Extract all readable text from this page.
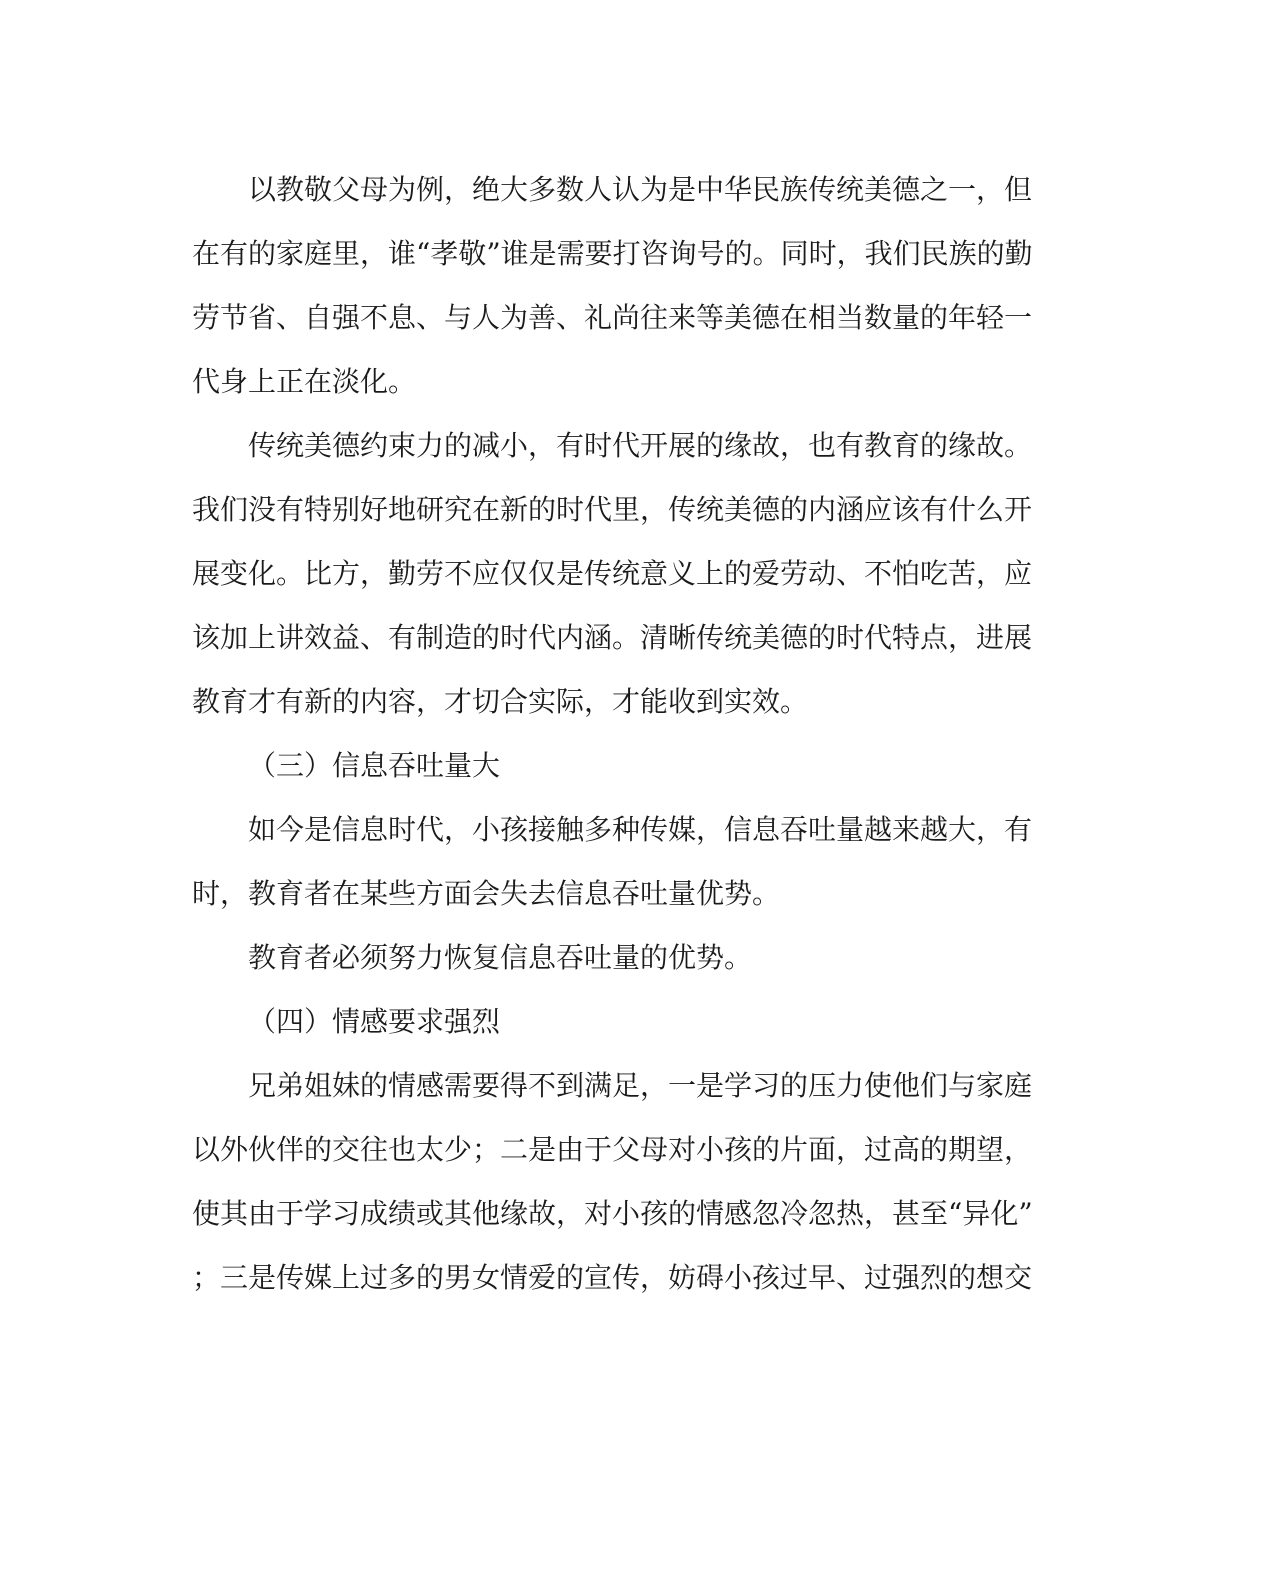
以教敬父母为例，绝大多数人认为是中华民族传统美德之一，但
在有的家庭里，谁“孝敬”谁是需要打咨询号的。同时，我们民族的勤
劳节省、自强不息、与人为善、礼尚往来等美德在相当数量的年轻一
代身上正在淡化。
传统美德约束力的减小，有时代开展的缘故，也有教育的缘故。
我们没有特别好地研究在新的时代里，传统美德的内涵应该有什么开
展变化。比方，勤劳不应仅仅是传统意义上的爱劳动、不怕吃苦，应
该加上讲效益、有制造的时代内涵。清晰传统美德的时代特点，进展
教育才有新的内容，才切合实际，才能收到实效。
（三）信息吞吐量大
如今是信息时代，小孩接触多种传媒，信息吞吐量越来越大，有
时，教育者在某些方面会失去信息吞吐量优势。
教育者必须努力恢复信息吞吐量的优势。
（四）情感要求强烈
兄弟姐妹的情感需要得不到满足，一是学习的压力使他们与家庭
以外伙伴的交往也太少；二是由于父母对小孩的片面，过高的期望，
使其由于学习成绩或其他缘故，对小孩的情感忽冷忽热，甚至“异化”
；三是传媒上过多的男女情爱的宣传，妨碍小孩过早、过强烈的想交
